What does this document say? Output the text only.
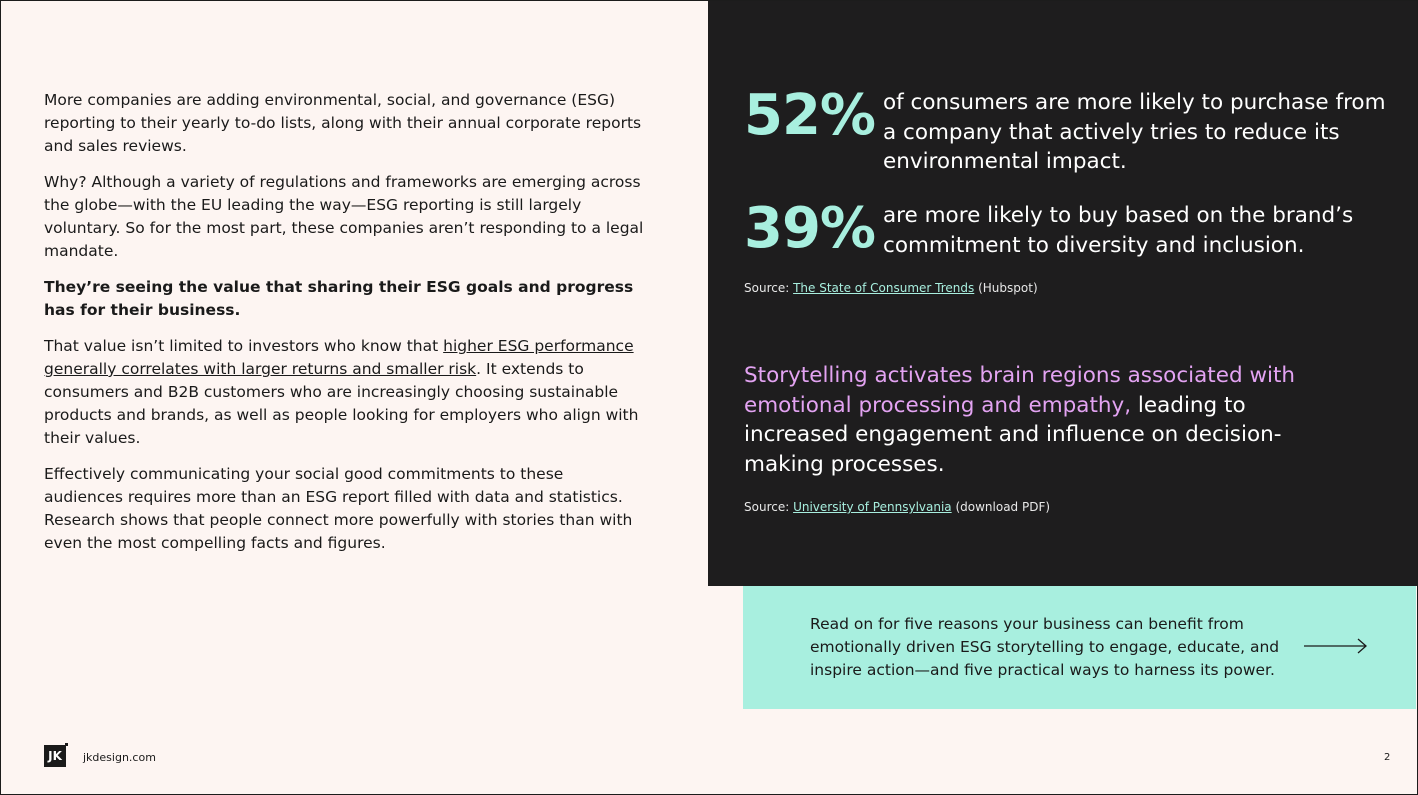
More companies are adding environmental, social, and governance (ESG) reporting to their yearly to-do lists, along with their annual corporate reports and sales reviews.

Why? Although a variety of regulations and frameworks are emerging across the globe—with the EU leading the way—ESG reporting is still largely voluntary. So for the most part, these companies aren’t responding to a legal mandate.

They’re seeing the value that sharing their ESG goals and progress has for their business.

That value isn’t limited to investors who know that higher ESG performance generally correlates with larger returns and smaller risk. It extends to consumers and B2B customers who are increasingly choosing sustainable products and brands, as well as people looking for employers who align with their values.

Effectively communicating your social good commitments to these audiences requires more than an ESG report filled with data and statistics. Research shows that people connect more powerfully with stories than with even the most compelling facts and figures.

52% of consumers are more likely to purchase from a company that actively tries to reduce its environmental impact.
39% are more likely to buy based on the brand’s commitment to diversity and inclusion.
Source: The State of Consumer Trends (Hubspot)
Storytelling activates brain regions associated with emotional processing and empathy, leading to increased engagement and influence on decision-making processes.
Source: University of Pennsylvania (download PDF)
Read on for five reasons your business can benefit from emotionally driven ESG storytelling to engage, educate, and inspire action—and five practical ways to harness its power.
JK	jkdesign.com	2
